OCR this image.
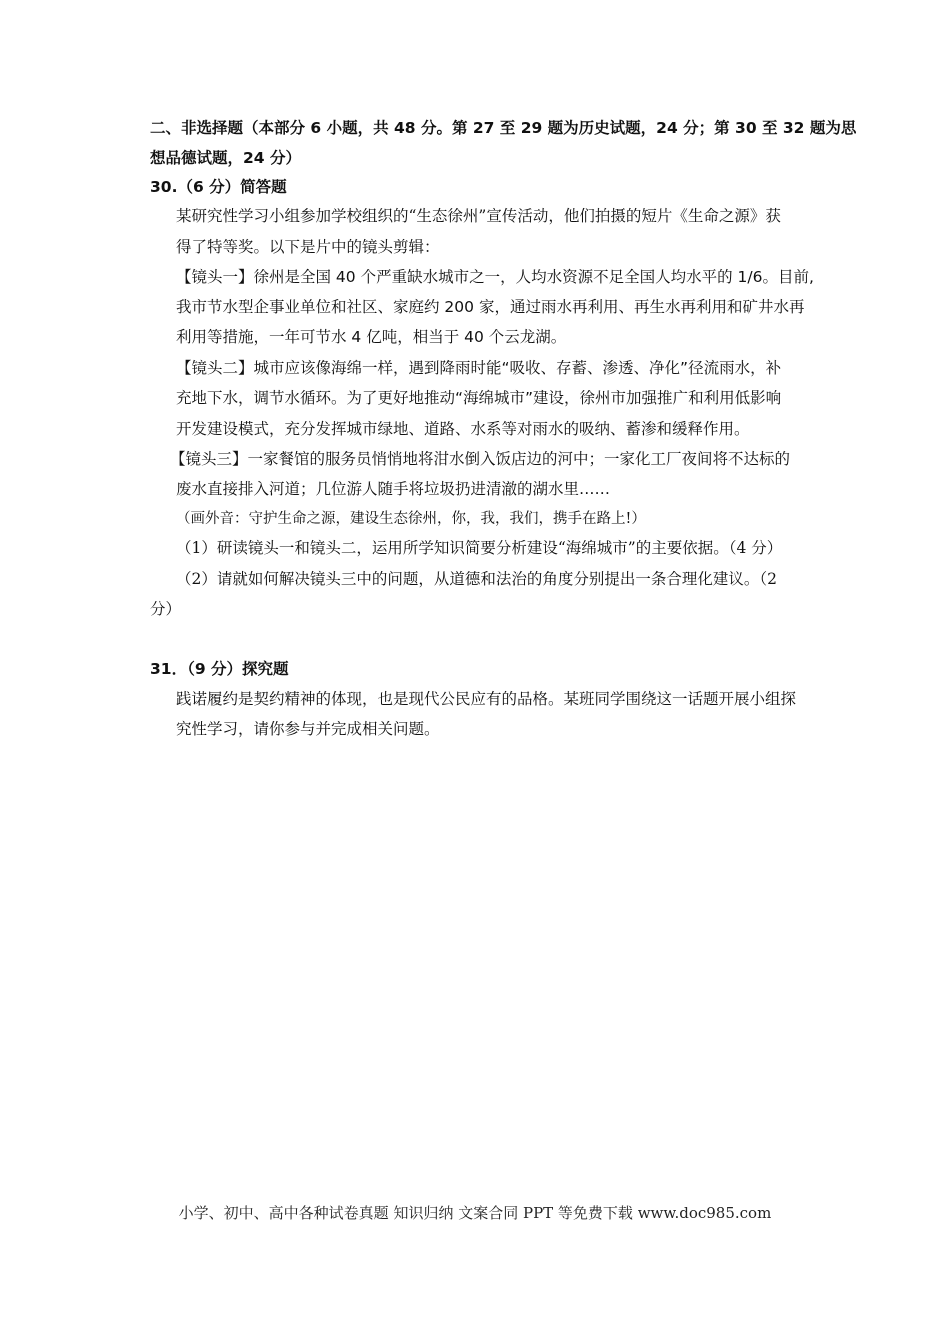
二、非选择题（本部分 6 小题，共 48 分。第 27 至 29 题为历史试题，24 分；第 30 至 32 题为思
想品德试题，24 分）
30.（6 分）简答题
某研究性学习小组参加学校组织的“生态徐州”宣传活动，他们拍摄的短片《生命之源》获
得了特等奖。以下是片中的镜头剪辑：
【镜头一】徐州是全国 40 个严重缺水城市之一，人均水资源不足全国人均水平的 1/6。目前,
我市节水型企事业单位和社区、家庭约 200 家，通过雨水再利用、再生水再利用和矿井水再
利用等措施，一年可节水 4 亿吨，相当于 40 个云龙湖。
【镜头二】城市应该像海绵一样，遇到降雨时能“吸收、存蓄、渗透、净化”径流雨水，补
充地下水，调节水循环。为了更好地推动“海绵城市”建设，徐州市加强推广和利用低影响
开发建设模式，充分发挥城市绿地、道路、水系等对雨水的吸纳、蓄渗和缓释作用。
【镜头三】一家餐馆的服务员悄悄地将泔水倒入饭店边的河中；一家化工厂夜间将不达标的
废水直接排入河道；几位游人随手将垃圾扔进清澈的湖水里……
（画外音：守护生命之源，建设生态徐州，你，我，我们，携手在路上!）
（1）研读镜头一和镜头二，运用所学知识简要分析建设“海绵城市”的主要依据。（4 分）
（2）请就如何解决镜头三中的问题，从道德和法治的角度分别提出一条合理化建议。（2
分）
31．（9 分）探究题
践诺履约是契约精神的体现，也是现代公民应有的品格。某班同学围绕这一话题开展小组探
究性学习，请你参与并完成相关问题。
小学、初中、高中各种试卷真题 知识归纳 文案合同 PPT 等免费下载 www.doc985.com
